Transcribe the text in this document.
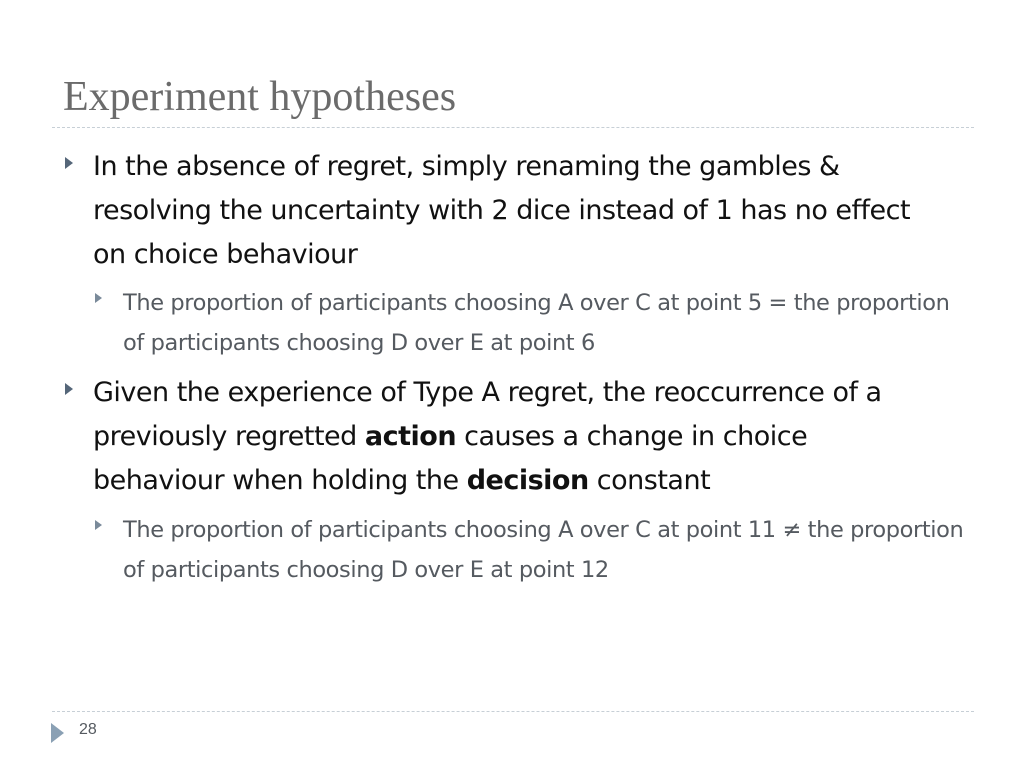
Experiment hypotheses
In the absence of regret, simply renaming the gambles & resolving the uncertainty with 2 dice instead of 1 has no effect on choice behaviour
The proportion of participants choosing A over C at point 5 = the proportion of participants choosing D over E at point 6
Given the experience of Type A regret, the reoccurrence of a previously regretted action causes a change in choice behaviour when holding the decision constant
The proportion of participants choosing A over C at point 11 ≠ the proportion of participants choosing D over E at point 12
28
